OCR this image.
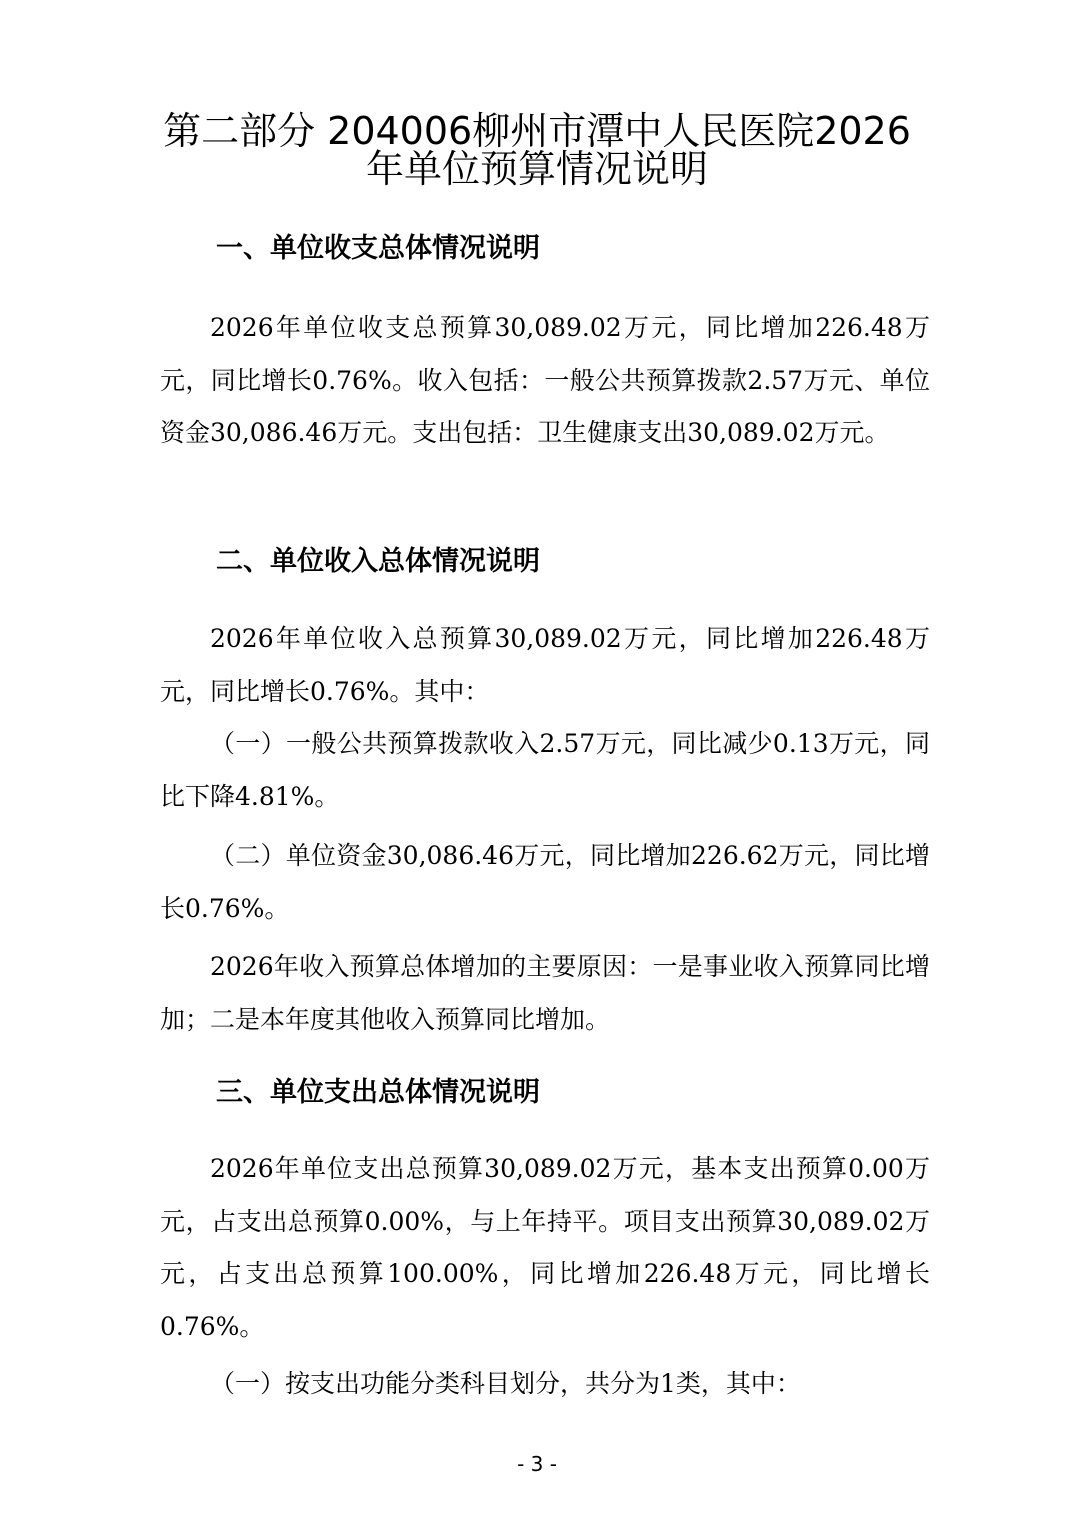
第二部分 204006柳州市潭中人民医院2026
年单位预算情况说明
一、单位收支总体情况说明

2026年单位收支总预算30,089.02万元，同比增加226.48万元，同比增长0.76%。收入包括：一般公共预算拨款2.57万元、单位资金30,086.46万元。支出包括：卫生健康支出30,089.02万元。

二、单位收入总体情况说明

2026年单位收入总预算30,089.02万元，同比增加226.48万元，同比增长0.76%。其中：

（一）一般公共预算拨款收入2.57万元，同比减少0.13万元，同比下降4.81%。

（二）单位资金30,086.46万元，同比增加226.62万元，同比增长0.76%。

2026年收入预算总体增加的主要原因：一是事业收入预算同比增加；二是本年度其他收入预算同比增加。

三、单位支出总体情况说明

2026年单位支出总预算30,089.02万元，基本支出预算0.00万元，占支出总预算0.00%，与上年持平。项目支出预算30,089.02万元，占支出总预算100.00%，同比增加226.48万元，同比增长0.76%。

（一）按支出功能分类科目划分，共分为1类，其中：

- 3 -
